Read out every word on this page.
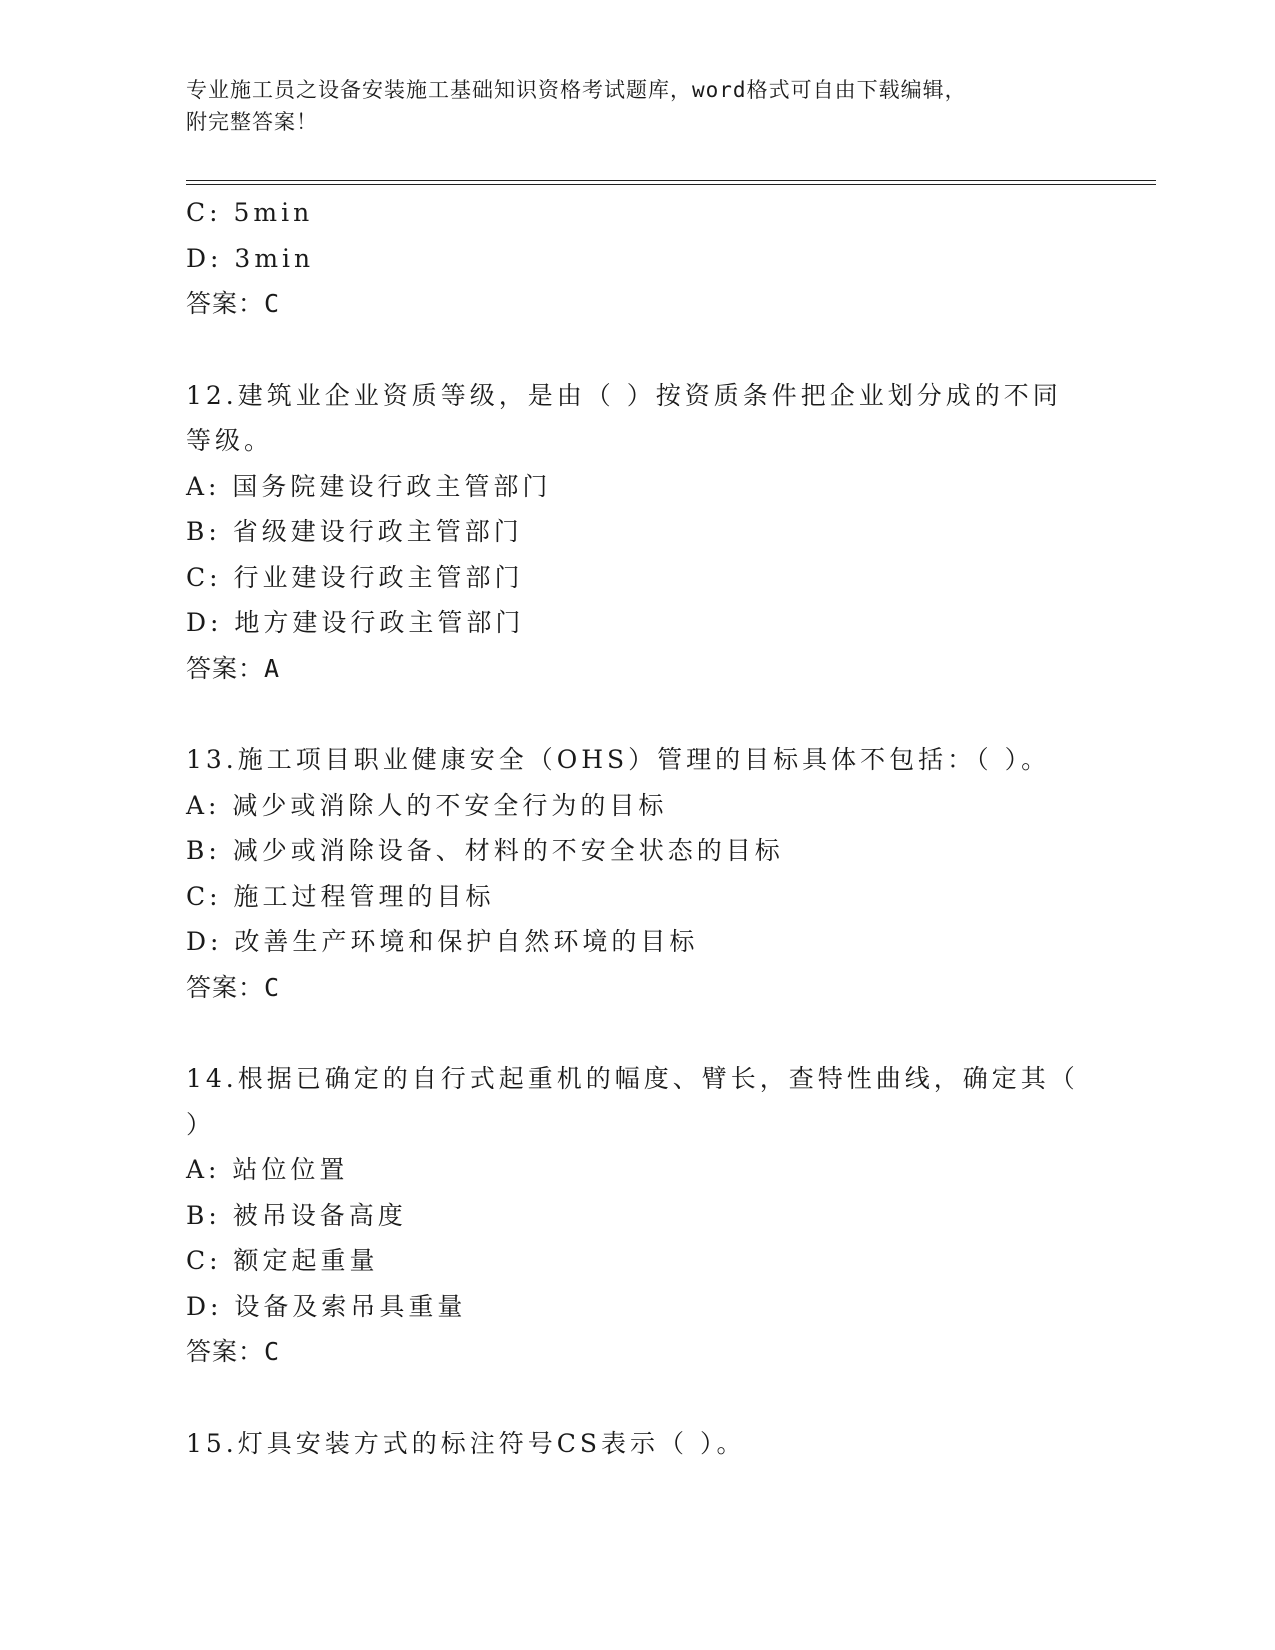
专业施工员之设备安装施工基础知识资格考试题库，word格式可自由下载编辑，
附完整答案！
C: 5min
D: 3min
答案：C
12.建筑业企业资质等级，是由（ ）按资质条件把企业划分成的不同
等级。
A: 国务院建设行政主管部门
B: 省级建设行政主管部门
C: 行业建设行政主管部门
D: 地方建设行政主管部门
答案：A
13.施工项目职业健康安全（OHS）管理的目标具体不包括：（ ）。
A: 减少或消除人的不安全行为的目标
B: 减少或消除设备、材料的不安全状态的目标
C: 施工过程管理的目标
D: 改善生产环境和保护自然环境的目标
答案：C
14.根据已确定的自行式起重机的幅度、臂长，查特性曲线，确定其（
）
A: 站位位置
B: 被吊设备高度
C: 额定起重量
D: 设备及索吊具重量
答案：C
15.灯具安装方式的标注符号CS表示（ ）。
